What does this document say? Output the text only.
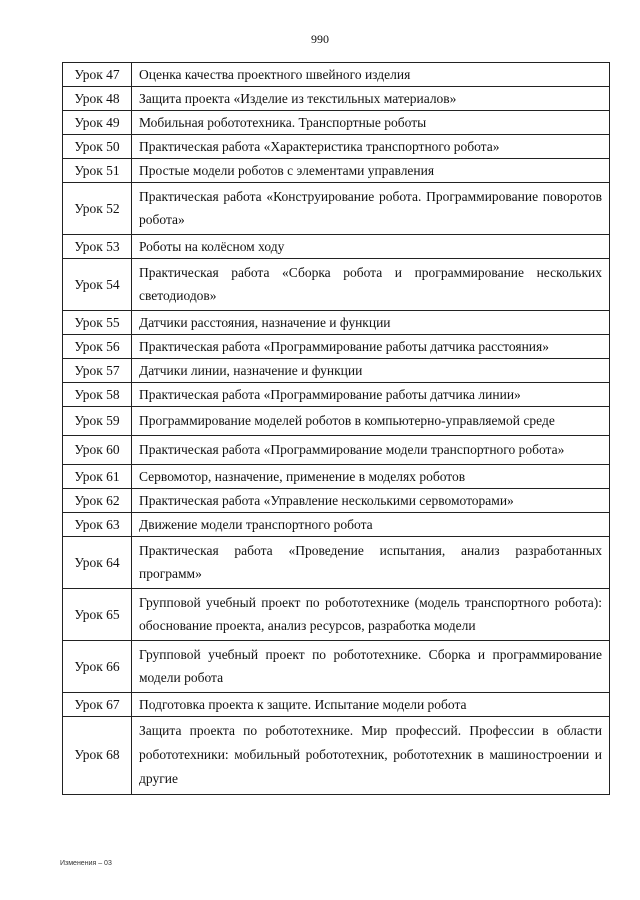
990
Урок 47	Оценка качества проектного швейного изделия
Урок 48	Защита проекта «Изделие из текстильных материалов»
Урок 49	Мобильная робототехника. Транспортные роботы
Урок 50	Практическая работа «Характеристика транспортного робота»
Урок 51	Простые модели роботов с элементами управления
Урок 52	Практическая работа «Конструирование робота. Программирование поворотов робота»
Урок 53	Роботы на колёсном ходу
Урок 54	Практическая работа «Сборка робота и программирование нескольких светодиодов»
Урок 55	Датчики расстояния, назначение и функции
Урок 56	Практическая работа «Программирование работы датчика расстояния»
Урок 57	Датчики линии, назначение и функции
Урок 58	Практическая работа «Программирование работы датчика линии»
Урок 59	Программирование моделей роботов в компьютерно-управляемой среде
Урок 60	Практическая работа «Программирование модели транспортного робота»
Урок 61	Сервомотор, назначение, применение в моделях роботов
Урок 62	Практическая работа «Управление несколькими сервомоторами»
Урок 63	Движение модели транспортного робота
Урок 64	Практическая работа «Проведение испытания, анализ разработанных программ»
Урок 65	Групповой учебный проект по робототехнике (модель транспортного робота): обоснование проекта, анализ ресурсов, разработка модели
Урок 66	Групповой учебный проект по робототехнике. Сборка и программирование модели робота
Урок 67	Подготовка проекта к защите. Испытание модели робота
Урок 68	Защита проекта по робототехнике. Мир профессий. Профессии в области робототехники: мобильный робототехник, робототехник в машиностроении и другие
Изменения – 03
